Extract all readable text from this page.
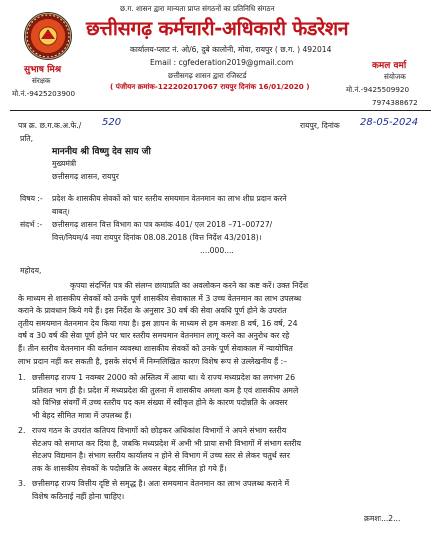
छ.ग. शासन द्वारा मान्यता प्राप्त संगठनों का प्रतिनिधि संगठन
छत्तीसगढ़ कर्मचारी-अधिकारी फेडरेशन
कार्यालय-प्लाट नं. ओ/6, दुबे कालोनी, मोवा, रायपुर ( छ.ग. ) 492014
Email : cgfederation2019@gmail.com
छत्तीसगढ़ शासन द्वारा रजिस्टर्ड
( पंजीयन क्रमांक-122202017067 रायपुर दिनांक 16/01/2020 )
सुभाष मिश्र
संरक्षक
मो.नं.-9425203900
कमल वर्मा
संयोजक
मो.नं.-9425509920
7974388672
पत्र क्र. छ.ग.क.अ.फे./ 520	रायपुर, दिनांक 28-05-2024
प्रति,
माननीय श्री विष्णु देव साय जी
मुख्यमंत्री
छत्तीसगढ़ शासन, रायपुर
विषय :- प्रदेश के शासकीय सेवकों को चार स्तरीय समयमान वेतनमान का लाभ शीघ्र प्रदान करने
बाबत्।
संदर्भ :- छत्तीसगढ़ शासन वित्त विभाग का पत्र कमांक 401/ एल 2018 –71–00727/
वित्त/नियम/4 नया रायपुर दिनांक 08.08.2018 (वित्त निर्देश 43/2018)।
....000....
महोदय,
कृपया संदर्भित पत्र की संलग्न छायाप्रति का अवलोकन करने का कष्ट करें। उक्त निर्देश
के माध्यम से शासकीय सेवकों को उनके पूर्ण शासकीय सेवाकाल में 3 उच्च वेतनमान का लाभ उपलब्ध
कराने के प्रावधान किये गये हैं। इस निर्देश के अनुसार 30 वर्ष की सेवा अवधि पूर्ण होने के उपरांत
तृतीय समयमान वेतनमान देय किया गया है। इस ज्ञापन के माध्यम से हम कमशः 8 वर्ष, 16 वर्ष, 24
वर्ष व 30 वर्ष की सेवा पूर्ण होने पर चार स्तरीय समयमान वेतनमान लागू करने का अनुरोध कर रहे
हैं। तीन स्तरीय वेतनमान की वर्तमान व्यवस्था शासकीय सेवकों को उनके पूर्ण सेवाकाल में न्यायोचित
लाभ प्रदान नहीं कर सकती है, इसके संदर्भ में निम्नलिखित कारण विशेष रूप से उल्लेखनीय हैं :–
1. छत्तीसगढ़ राज्य 1 नवम्बर 2000 को अस्तित्व में आया था। ये राज्य मध्यप्रदेश का लगभग 26
प्रतिशत भाग ही है। प्रदेश में मध्यप्रदेश की तुलना में शासकीय अमला कम है एवं शासकीय अमले
को विभिन्न संवर्गों में उच्च स्तरीय पद कम संख्या में स्वीकृत होने के कारण पदोन्नति के अवसर
भी बेहद सीमित मात्रा में उपलब्ध हैं।
2. राज्य गठन के उपरांत कतिपय विभागों को छोड़कर अधिकांश विभागों ने अपने संभाग स्तरीय
सेटअप को समाप्त कर दिया है, जबकि मध्यप्रदेश में अभी भी प्रायः सभी विभागों में संभाग स्तरीय
सेटअप विद्यमान है। संभाग स्तरीय कार्यालय न होने से विभाग में उच्च स्तर से लेकर चतुर्थ स्तर
तक के शासकीय सेवकों के पदोन्नति के अवसर बेहद सीमित हो गये हैं।
3. छत्तीसगढ़ राज्य वित्तीय दृष्टि से समृद्ध है। अतः समयमान वेतनमान का लाभ उपलब्ध कराने में
विशेष कठिनाई नहीं होना चाहिए।
क्रमशः...2...
